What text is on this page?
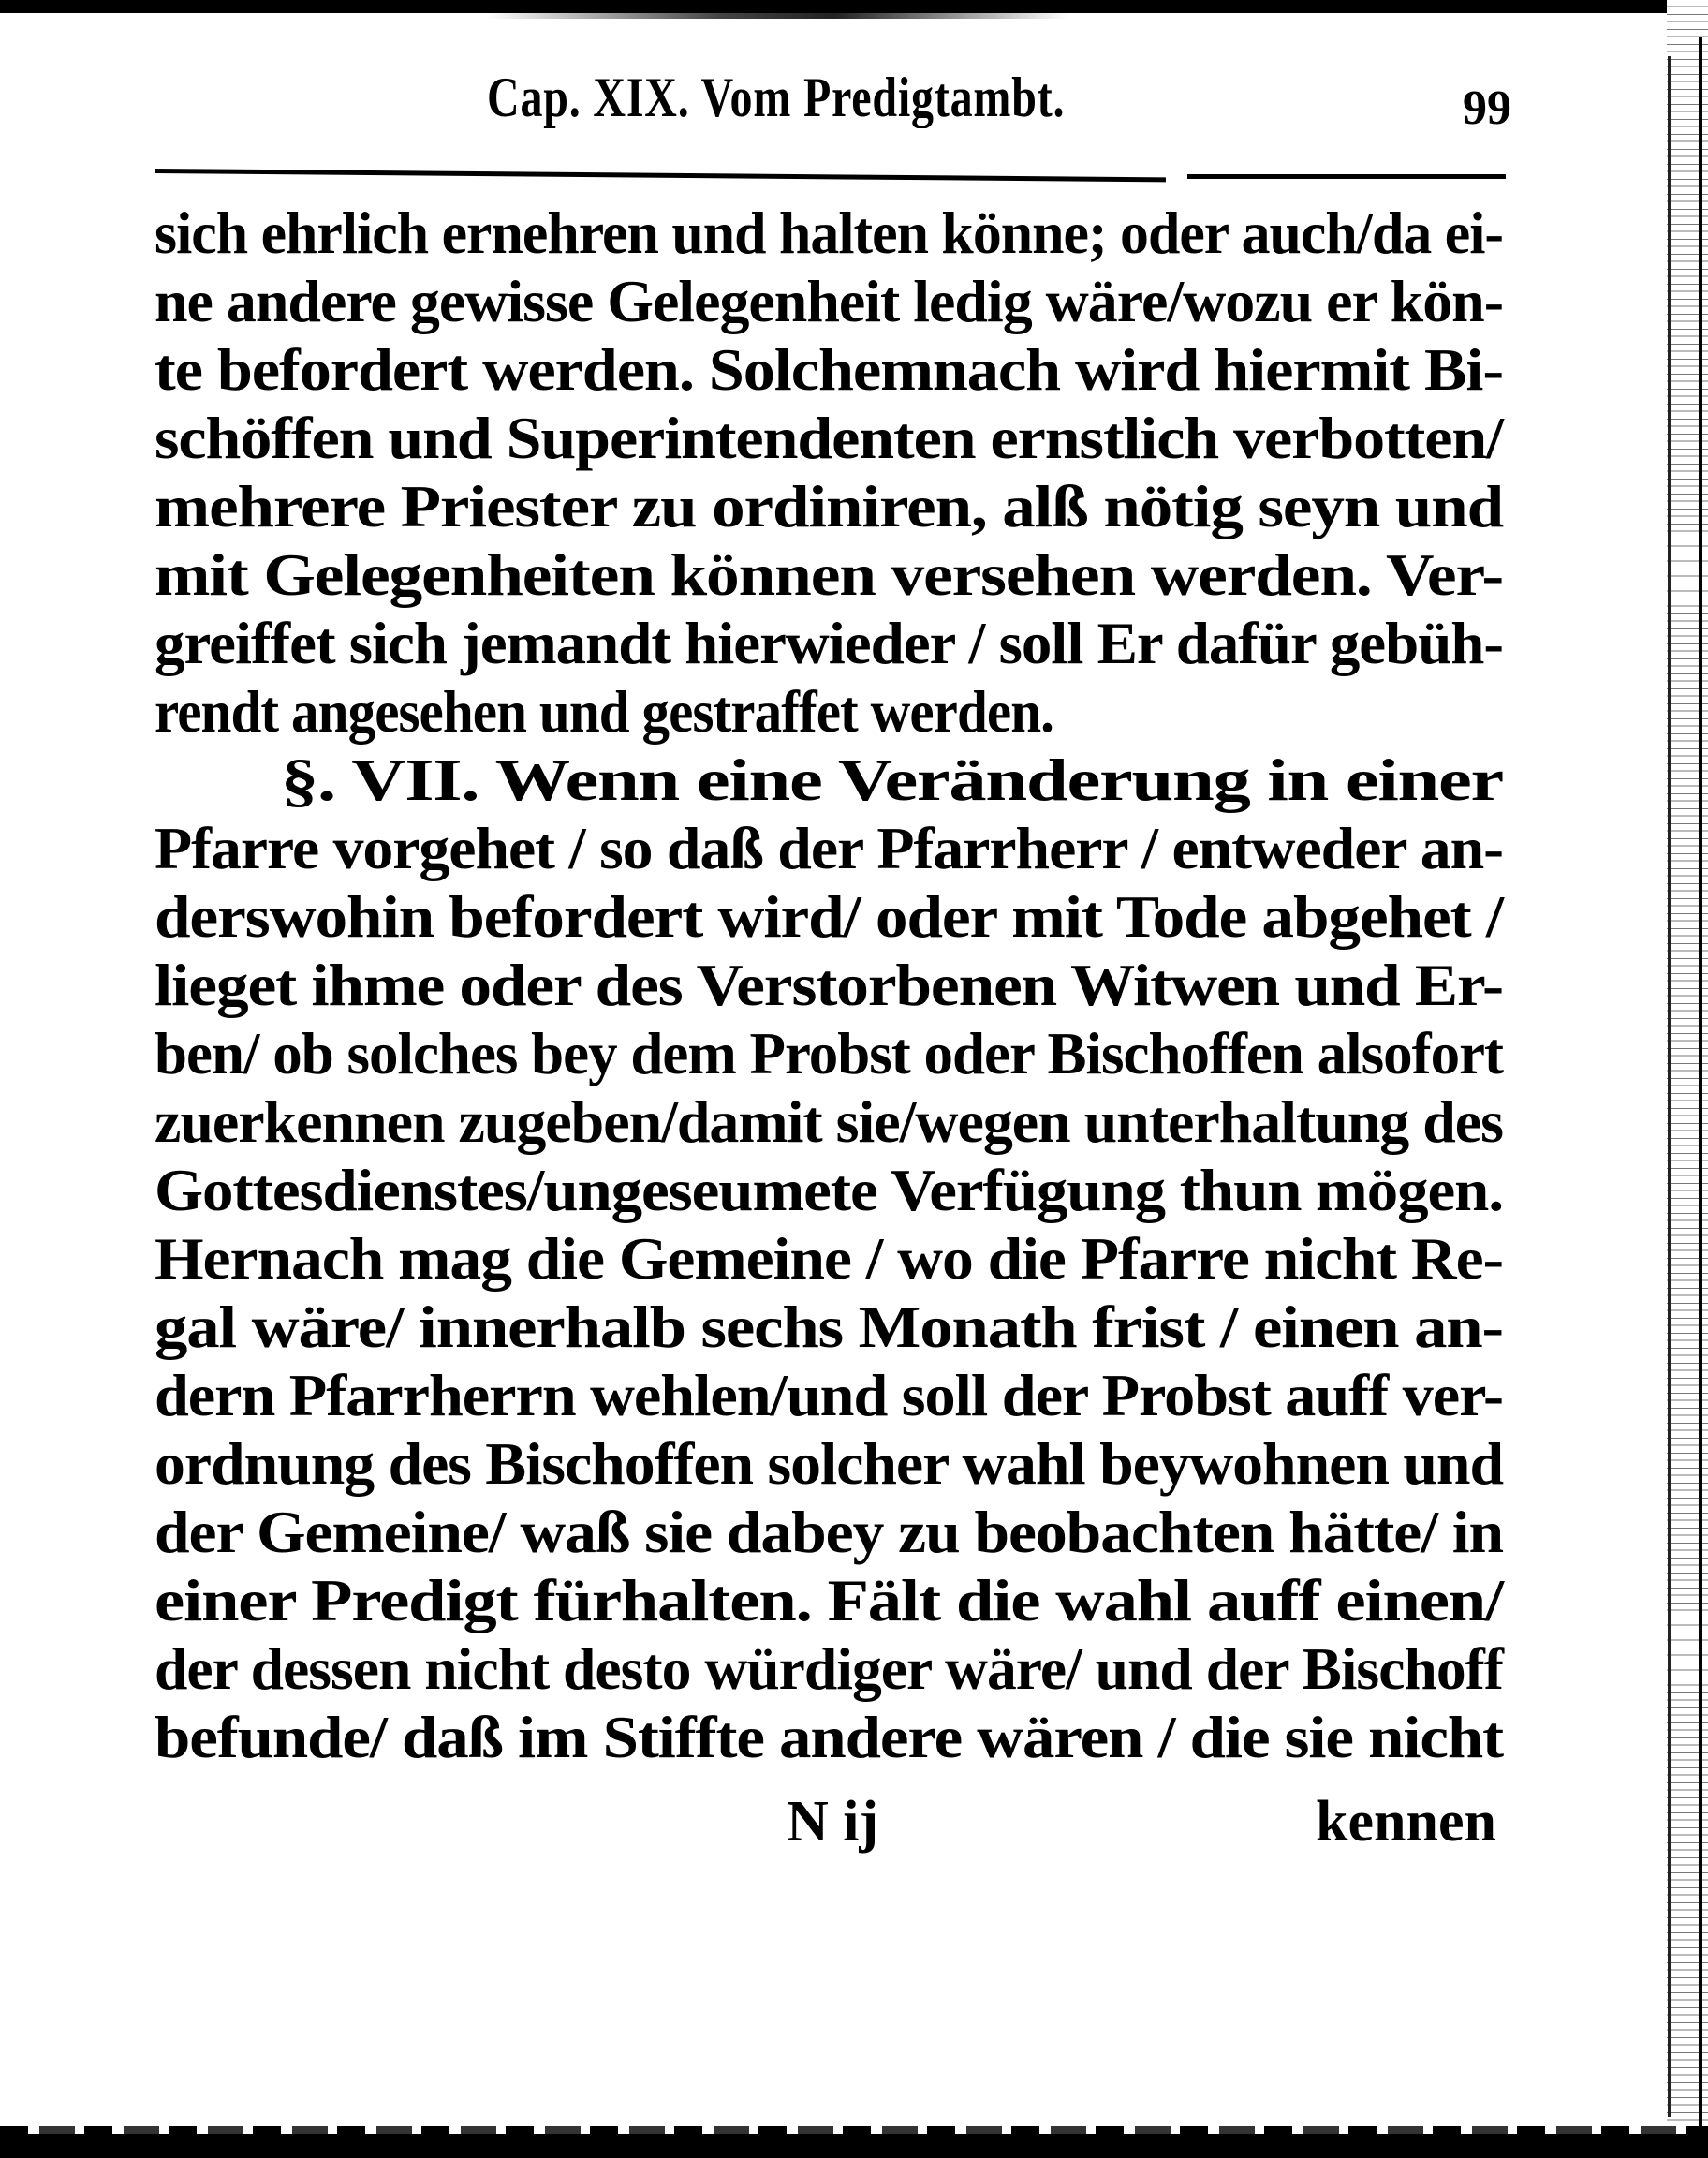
Cap. XIX. Vom Predigtambt.	99
sich ehrlich ernehren und halten könne; oder auch/da ei-
ne andere gewisse Gelegenheit ledig wäre/wozu er kön-
te befordert werden. Solchemnach wird hiermit Bi-
schöffen und Superintendenten ernstlich verbotten/
mehrere Priester zu ordiniren, alß nötig seyn und
mit Gelegenheiten können versehen werden. Ver-
greiffet sich jemandt hierwieder / soll Er dafür gebüh-
rendt angesehen und gestraffet werden.
§. VII. Wenn eine Veränderung in einer
Pfarre vorgehet / so daß der Pfarrherr / entweder an-
derswohin befordert wird/ oder mit Tode abgehet /
lieget ihme oder des Verstorbenen Witwen und Er-
ben/ ob solches bey dem Probst oder Bischoffen alsofort
zuerkennen zugeben/damit sie/wegen unterhaltung des
Gottesdienstes/ungeseumete Verfügung thun mögen.
Hernach mag die Gemeine / wo die Pfarre nicht Re-
gal wäre/ innerhalb sechs Monath frist / einen an-
dern Pfarrherrn wehlen/und soll der Probst auff ver-
ordnung des Bischoffen solcher wahl beywohnen und
der Gemeine/ waß sie dabey zu beobachten hätte/ in
einer Predigt fürhalten. Fält die wahl auff einen/
der dessen nicht desto würdiger wäre/ und der Bischoff
befunde/ daß im Stiffte andere wären / die sie nicht
N ij	kennen
